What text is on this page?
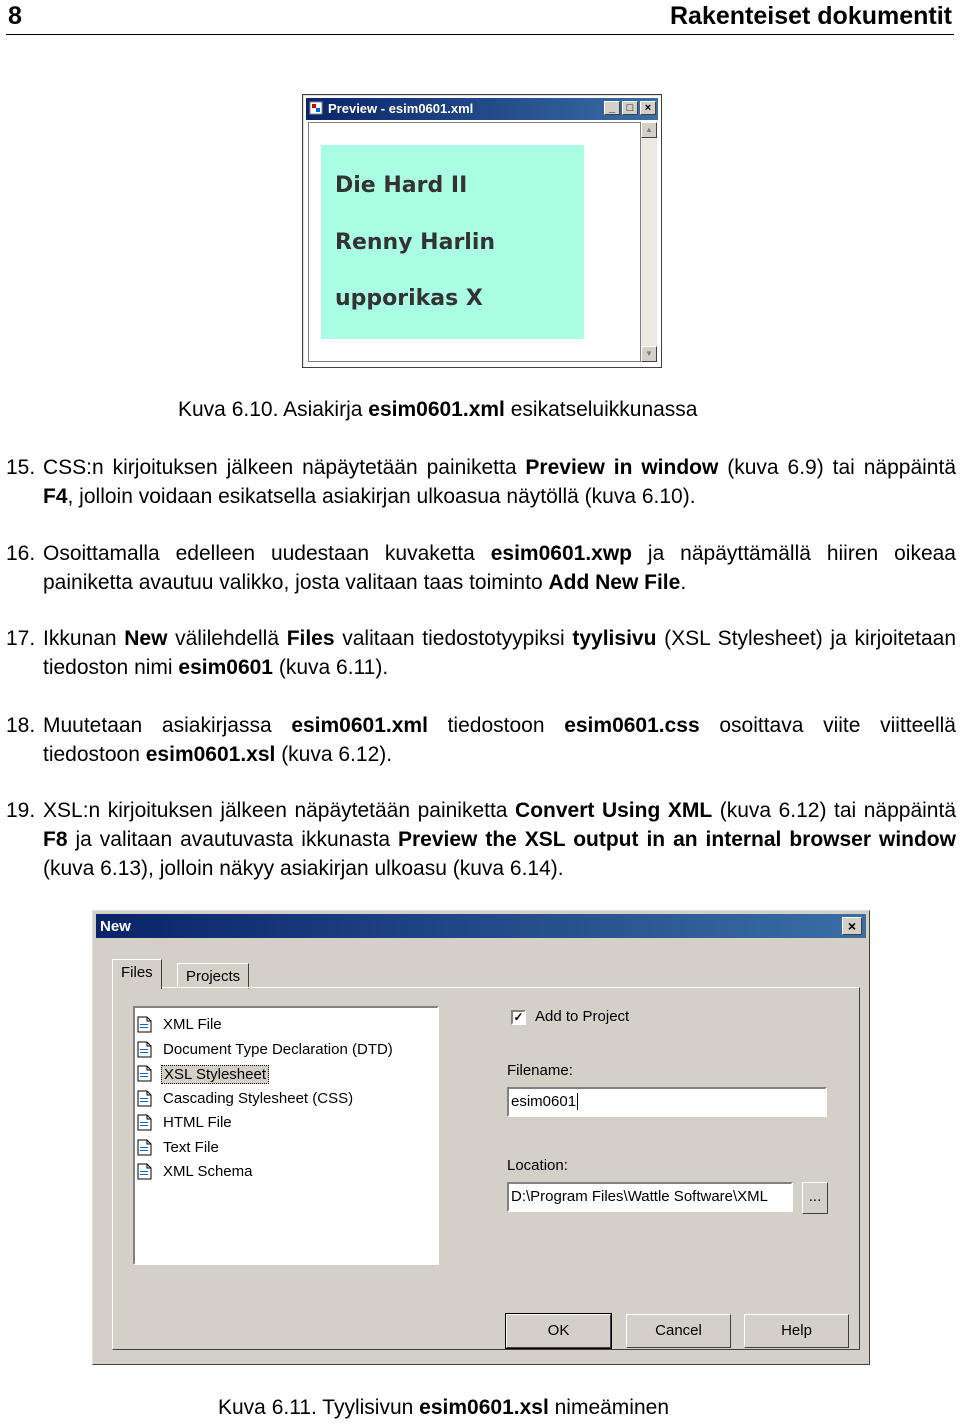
8	Rakenteiset dokumentit
Preview - esim0601.xml	_	□	×
Die Hard II
Renny Harlin
upporikas X
▲
▼
Kuva 6.10. Asiakirja esim0601.xml esikatseluikkunassa
15. CSS:n kirjoituksen jälkeen näpäytetään painiketta Preview in window (kuva 6.9) tai näppäintä F4, jolloin voidaan esikatsella asiakirjan ulkoasua näytöllä (kuva 6.10).
16. Osoittamalla edelleen uudestaan kuvaketta esim0601.xwp ja näpäyttämällä hiiren oikeaa painiketta avautuu valikko, josta valitaan taas toiminto Add New File.
17. Ikkunan New välilehdellä Files valitaan tiedostotyypiksi tyylisivu (XSL Stylesheet) ja kirjoitetaan tiedoston nimi esim0601 (kuva 6.11).
18. Muutetaan asiakirjassa esim0601.xml tiedostoon esim0601.css osoittava viite viitteellä tiedostoon esim0601.xsl (kuva 6.12).
19. XSL:n kirjoituksen jälkeen näpäytetään painiketta Convert Using XML (kuva 6.12) tai näppäintä F8 ja valitaan avautuvasta ikkunasta Preview the XSL output in an internal browser window (kuva 6.13), jolloin näkyy asiakirjan ulkoasu (kuva 6.14).
New	×
Files	Projects
XML File
Document Type Declaration (DTD)
XSL Stylesheet
Cascading Stylesheet (CSS)
HTML File
Text File
XML Schema
✓ Add to Project
Filename:
esim0601
Location:
D:\Program Files\Wattle Software\XML	...
OK	Cancel	Help
Kuva 6.11. Tyylisivun esim0601.xsl nimeäminen
